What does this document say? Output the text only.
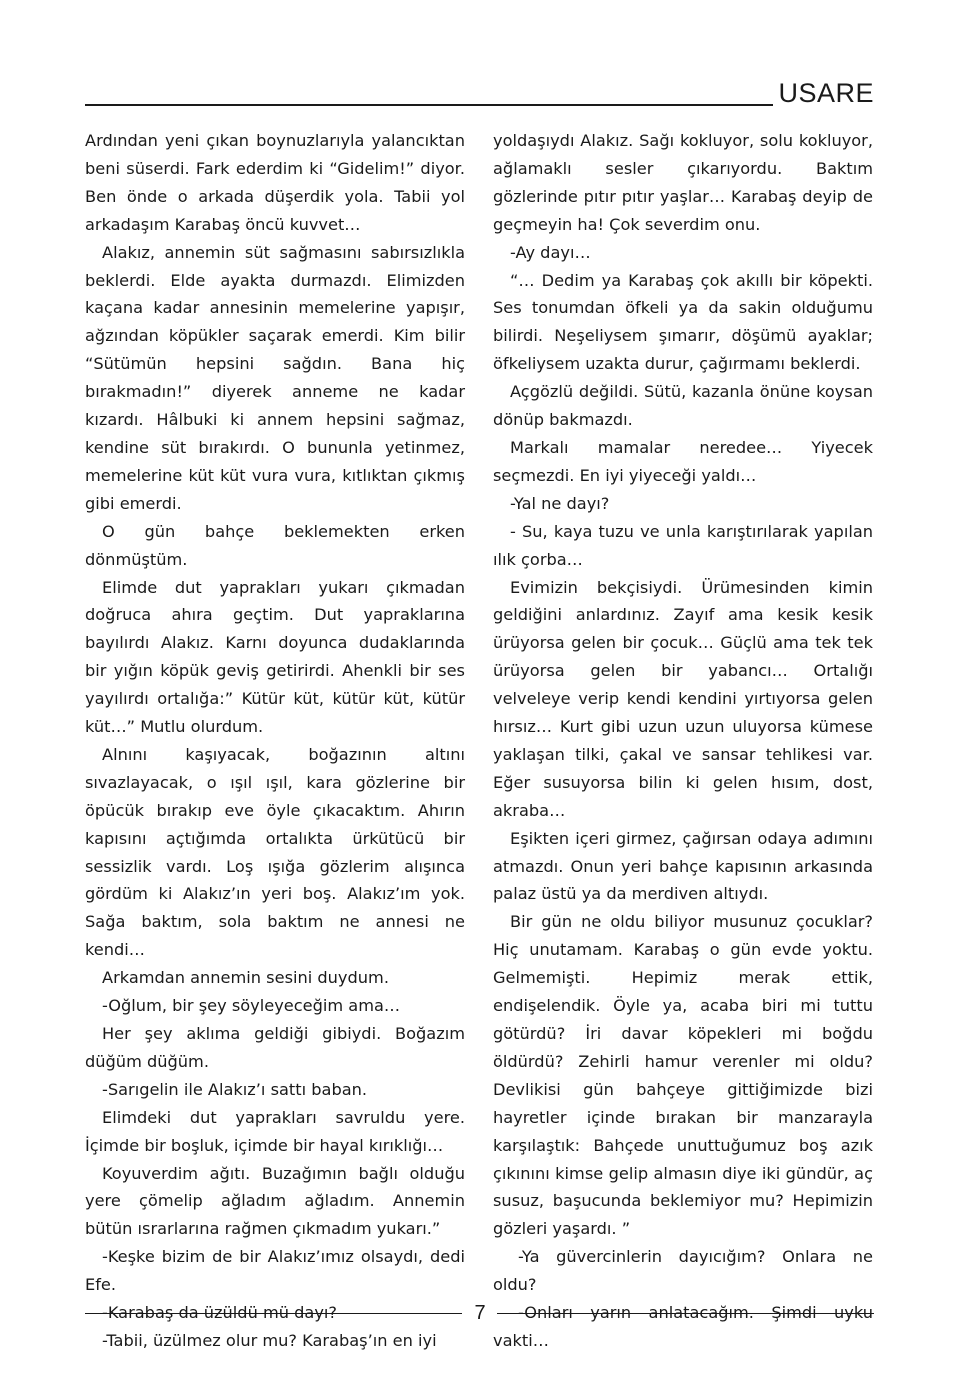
USARE

Ardından yeni çıkan boynuzlarıyla yalancıktan beni süserdi. Fark ederdim ki “Gidelim!” diyor. Ben önde o arkada düşerdik yola. Tabii yol arkadaşım Karabaş öncü kuvvet…

Alakız, annemin süt sağmasını sabırsızlıkla beklerdi. Elde ayakta durmazdı. Elimizden kaçana kadar annesinin memelerine yapışır, ağzından köpükler saçarak emerdi. Kim bilir “Sütümün hepsini sağdın. Bana hiç bırakmadın!” diyerek anneme ne kadar kızardı. Hâlbuki ki annem hepsini sağmaz, kendine süt bırakırdı. O bununla yetinmez, memelerine küt küt vura vura, kıtlıktan çıkmış gibi emerdi.

O gün bahçe beklemekten erken dönmüştüm.

Elimde dut yaprakları yukarı çıkmadan doğruca ahıra geçtim. Dut yapraklarına bayılırdı Alakız. Karnı doyunca dudaklarında bir yığın köpük geviş getirirdi. Ahenkli bir ses yayılırdı ortalığa:” Kütür küt, kütür küt, kütür küt…” Mutlu olurdum.

Alnını kaşıyacak, boğazının altını sıvazlayacak, o ışıl ışıl, kara gözlerine bir öpücük bırakıp eve öyle çıkacaktım. Ahırın kapısını açtığımda ortalıkta ürkütücü bir sessizlik vardı. Loş ışığa gözlerim alışınca gördüm ki Alakız’ın yeri boş. Alakız’ım yok. Sağa baktım, sola baktım ne annesi ne kendi…

Arkamdan annemin sesini duydum.

-Oğlum, bir şey söyleyeceğim ama…

Her şey aklıma geldiği gibiydi. Boğazım düğüm düğüm.

-Sarıgelin ile Alakız’ı sattı baban.

Elimdeki dut yaprakları savruldu yere. İçimde bir boşluk, içimde bir hayal kırıklığı…

Koyuverdim ağıtı. Buzağımın bağlı olduğu yere çömelip ağladım ağladım. Annemin bütün ısrarlarına rağmen çıkmadım yukarı.”

-Keşke bizim de bir Alakız’ımız olsaydı, dedi Efe.

-Karabaş da üzüldü mü dayı?

-Tabii, üzülmez olur mu? Karabaş’ın en iyi

yoldaşıydı Alakız. Sağı kokluyor, solu kokluyor, ağlamaklı sesler çıkarıyordu. Baktım gözlerinde pıtır pıtır yaşlar… Karabaş deyip de geçmeyin ha! Çok severdim onu.

-Ay dayı…

“… Dedim ya Karabaş çok akıllı bir köpekti. Ses tonumdan öfkeli ya da sakin olduğumu bilirdi. Neşeliysem şımarır, döşümü ayaklar; öfkeliysem uzakta durur, çağırmamı beklerdi.

Açgözlü değildi. Sütü, kazanla önüne koysan dönüp bakmazdı.

Markalı mamalar neredee… Yiyecek seçmezdi. En iyi yiyeceği yaldı…

-Yal ne dayı?

- Su, kaya tuzu ve unla karıştırılarak yapılan ılık çorba…

Evimizin bekçisiydi. Ürümesinden kimin geldiğini anlardınız. Zayıf ama kesik kesik ürüyorsa gelen bir çocuk… Güçlü ama tek tek ürüyorsa gelen bir yabancı… Ortalığı velveleye verip kendi kendini yırtıyorsa gelen hırsız… Kurt gibi uzun uzun uluyorsa kümese yaklaşan tilki, çakal ve sansar tehlikesi var. Eğer susuyorsa bilin ki gelen hısım, dost, akraba…

Eşikten içeri girmez, çağırsan odaya adımını atmazdı. Onun yeri bahçe kapısının arkasında palaz üstü ya da merdiven altıydı.

Bir gün ne oldu biliyor musunuz çocuklar? Hiç unutamam. Karabaş o gün evde yoktu. Gelmemişti. Hepimiz merak ettik, endişelendik. Öyle ya, acaba biri mi tuttu götürdü? İri davar köpekleri mi boğdu öldürdü? Zehirli hamur verenler mi oldu? Devlikisi gün bahçeye gittiğimizde bizi hayretler içinde bırakan bir manzarayla karşılaştık: Bahçede unuttuğumuz boş azık çıkınını kimse gelip almasın diye iki gündür, aç susuz, başucunda beklemiyor mu? Hepimizin gözleri yaşardı. ”

-Ya güvercinlerin dayıcığım? Onlara ne oldu?

-Onları yarın anlatacağım. Şimdi uyku vakti…

7
